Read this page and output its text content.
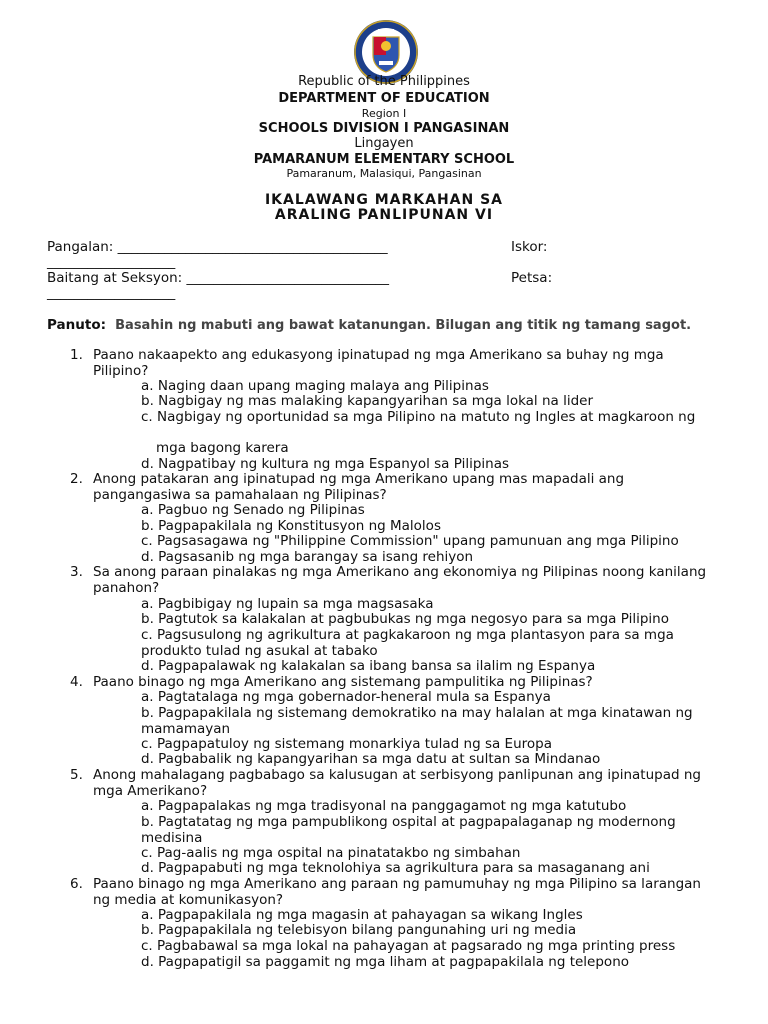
Republic of the Philippines
DEPARTMENT OF EDUCATION
Region I
SCHOOLS DIVISION I PANGASINAN
Lingayen
PAMARANUM ELEMENTARY SCHOOL
Pamaranum, Malasiqui, Pangasinan
IKALAWANG MARKAHAN SA
ARALING PANLIPUNAN VI
Pangalan: ________________________________________	Iskor:
___________________
Baitang at Seksyon: ______________________________	Petsa:
___________________
Panuto: Basahin ng mabuti ang bawat katanungan. Bilugan ang titik ng tamang sagot.
1. Paano nakaapekto ang edukasyong ipinatupad ng mga Amerikano sa buhay ng mga Pilipino?
a. Naging daan upang maging malaya ang Pilipinas
b. Nagbigay ng mas malaking kapangyarihan sa mga lokal na lider
c. Nagbigay ng oportunidad sa mga Pilipino na matuto ng Ingles at magkaroon ng
mga bagong karera
d. Nagpatibay ng kultura ng mga Espanyol sa Pilipinas
2. Anong patakaran ang ipinatupad ng mga Amerikano upang mas mapadali ang pangangasiwa sa pamahalaan ng Pilipinas?
a. Pagbuo ng Senado ng Pilipinas
b. Pagpapakilala ng Konstitusyon ng Malolos
c. Pagsasagawa ng "Philippine Commission" upang pamunuan ang mga Pilipino
d. Pagsasanib ng mga barangay sa isang rehiyon
3. Sa anong paraan pinalakas ng mga Amerikano ang ekonomiya ng Pilipinas noong kanilang panahon?
a. Pagbibigay ng lupain sa mga magsasaka
b. Pagtutok sa kalakalan at pagbubukas ng mga negosyo para sa mga Pilipino
c. Pagsusulong ng agrikultura at pagkakaroon ng mga plantasyon para sa mga produkto tulad ng asukal at tabako
d. Pagpapalawak ng kalakalan sa ibang bansa sa ilalim ng Espanya
4. Paano binago ng mga Amerikano ang sistemang pampulitika ng Pilipinas?
a. Pagtatalaga ng mga gobernador-heneral mula sa Espanya
b. Pagpapakilala ng sistemang demokratiko na may halalan at mga kinatawan ng mamamayan
c. Pagpapatuloy ng sistemang monarkiya tulad ng sa Europa
d. Pagbabalik ng kapangyarihan sa mga datu at sultan sa Mindanao
5. Anong mahalagang pagbabago sa kalusugan at serbisyong panlipunan ang ipinatupad ng mga Amerikano?
a. Pagpapalakas ng mga tradisyonal na panggagamot ng mga katutubo
b. Pagtatatag ng mga pampublikong ospital at pagpapalaganap ng modernong medisina
c. Pag-aalis ng mga ospital na pinatatakbo ng simbahan
d. Pagpapabuti ng mga teknolohiya sa agrikultura para sa masaganang ani
6. Paano binago ng mga Amerikano ang paraan ng pamumuhay ng mga Pilipino sa larangan ng media at komunikasyon?
a. Pagpapakilala ng mga magasin at pahayagan sa wikang Ingles
b. Pagpapakilala ng telebisyon bilang pangunahing uri ng media
c. Pagbabawal sa mga lokal na pahayagan at pagsarado ng mga printing press
d. Pagpapatigil sa paggamit ng mga liham at pagpapakilala ng telepono
